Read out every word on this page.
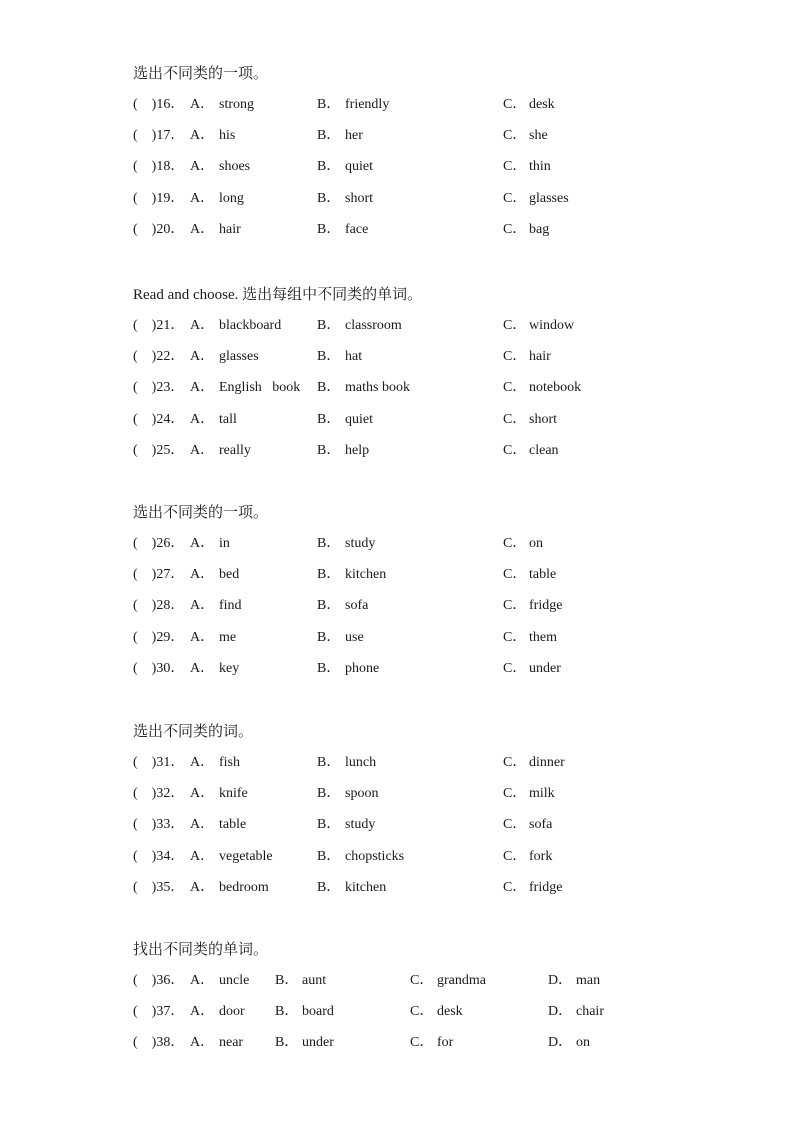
选出不同类的一项。
(　)16． A． strong	B． friendly	C． desk
(　)17． A． his	B． her	C． she
(　)18． A． shoes	B． quiet	C． thin
(　)19． A． long	B． short	C． glasses
(　)20． A． hair	B． face	C． bag
Read and choose. 选出每组中不同类的单词。
(　)21． A． blackboard	B． classroom	C． window
(　)22． A． glasses	B． hat	C． hair
(　)23． A． English   book B． maths book	C． notebook
(　)24． A． tall	B． quiet	C． short
(　)25． A． really	B． help	C． clean
选出不同类的一项。
(　)26． A． in	B． study	C． on
(　)27． A． bed	B． kitchen	C． table
(　)28． A． find	B． sofa	C． fridge
(　)29． A． me	B． use	C． them
(　)30． A． key	B． phone	C． under
选出不同类的词。
(　)31． A． fish	B． lunch	C． dinner
(　)32． A． knife	B． spoon	C． milk
(　)33． A． table	B． study	C． sofa
(　)34． A． vegetable	B． chopsticks	C． fork
(　)35． A． bedroom	B． kitchen	C． fridge
找出不同类的单词。
(　)36． A． uncle B． aunt	C． grandma	D． man
(　)37． A． door B． board	C． desk	D． chair
(　)38． A． near B． under	C． for	D． on
